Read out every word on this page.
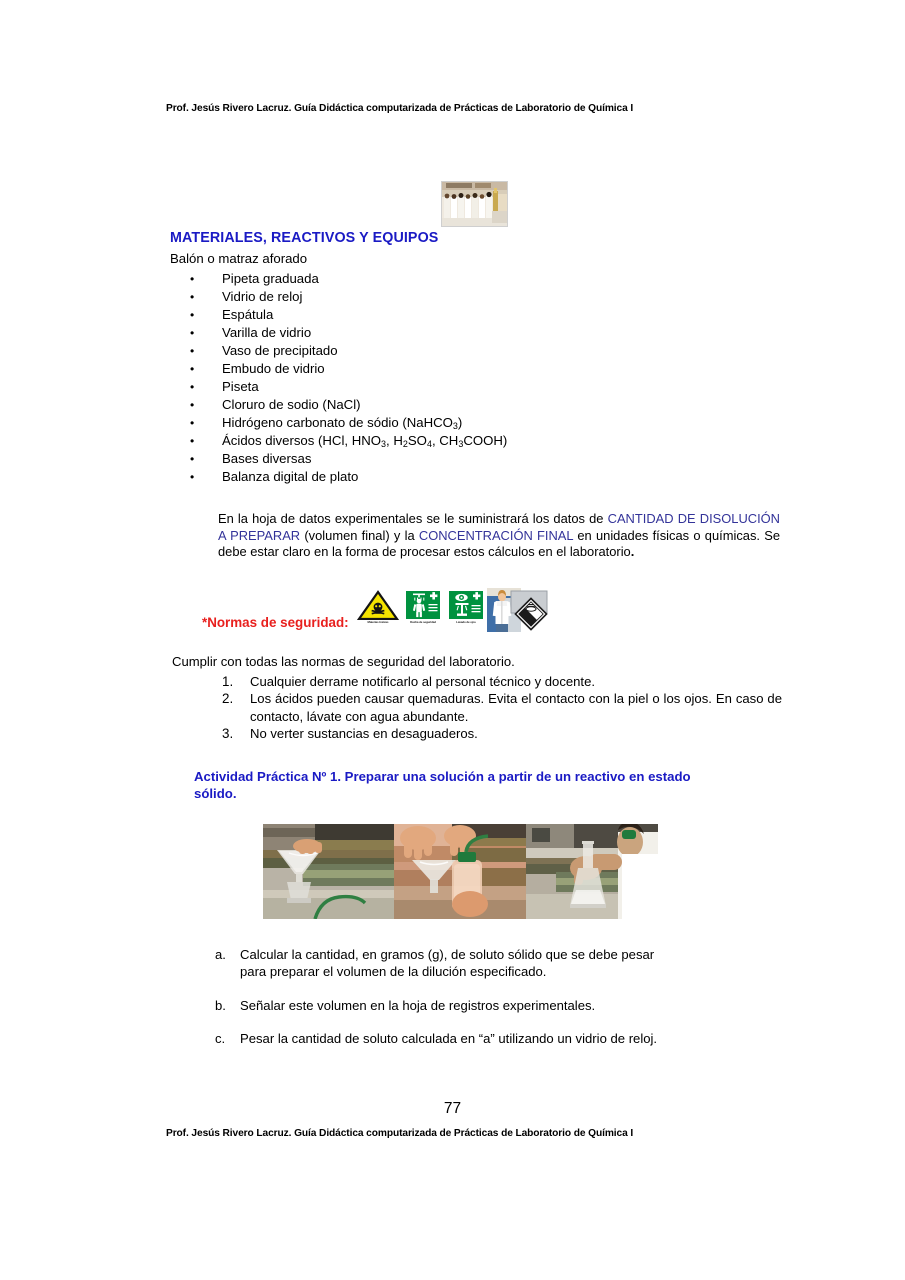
Prof. Jesús Rivero Lacruz. Guía Didáctica computarizada de Prácticas de Laboratorio de Química I
MATERIALES, REACTIVOS Y EQUIPOS
Balón o matraz aforado
•	Pipeta graduada
•	Vidrio de reloj
•	Espátula
•	Varilla de vidrio
•	Vaso de precipitado
•	Embudo de vidrio
•	Piseta
•	Cloruro de sodio (NaCl)
•	Hidrógeno carbonato de sódio (NaHCO$_3$)
•	Ácidos diversos (HCl, $HNO_3$, $H_2SO_4$, $CH_3COOH$)
•	Bases diversas
•	Balanza digital de plato
En la hoja de datos experimentales se le suministrará los datos de CANTIDAD DE DISOLUCIÓN A PREPARAR (volumen final) y la CONCENTRACIÓN FINAL en unidades físicas o químicas. Se debe estar claro en la forma de procesar estos cálculos en el laboratorio.
*Normas de seguridad:	Materias tóxicas	Ducha de seguridad	Lavado de ojos
Cumplir con todas las normas de seguridad del laboratorio.
1.	Cualquier derrame notificarlo al personal técnico y docente.
2.	Los ácidos pueden causar quemaduras. Evita el contacto con la piel o los ojos. En caso de contacto, lávate con agua abundante.
3.	No verter sustancias en desaguaderos.
Actividad Práctica Nº 1. Preparar una solución a partir de un reactivo en estado
sólido.
a.	Calcular la cantidad, en gramos (g), de soluto sólido que se debe pesar
para preparar el volumen de la dilución especificado.
b.	Señalar este volumen en la hoja de registros experimentales.
c.	Pesar la cantidad de soluto calculada en “a” utilizando un vidrio de reloj.
77
Prof. Jesús Rivero Lacruz. Guía Didáctica computarizada de Prácticas de Laboratorio de Química I
